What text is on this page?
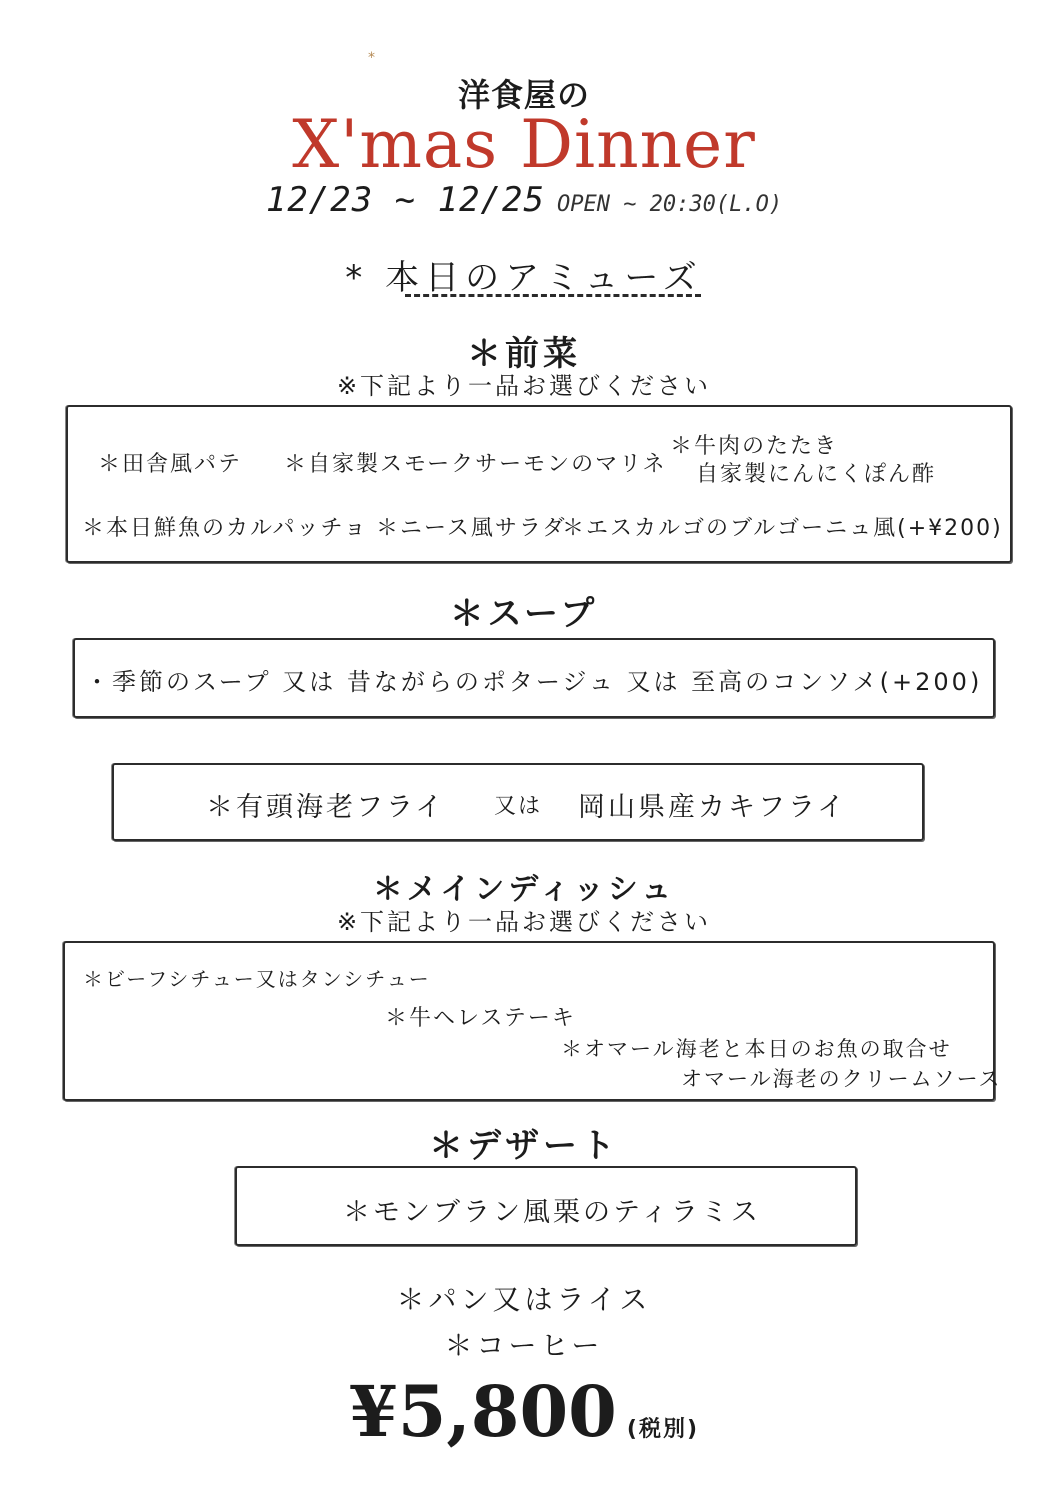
*
洋食屋の
X'mas Dinner
12/23 ~ 12/25 OPEN ~ 20:30(L.O)
* 本日のアミューズ
＊前菜
※下記より一品お選びください
＊田舎風パテ ＊自家製スモークサーモンのマリネ
＊牛肉のたたき
自家製にんにくぽん酢
＊本日鮮魚のカルパッチョ ＊ニース風サラダ
＊エスカルゴのブルゴーニュ風(+¥200)
＊スープ
・季節のスープ 又は 昔ながらのポタージュ 又は 至高のコンソメ(+200)
＊有頭海老フライ 又は 岡山県産カキフライ
＊メインディッシュ
※下記より一品お選びください
＊ビーフシチュー又はタンシチュー
＊牛ヘレステーキ
＊オマール海老と本日のお魚の取合せ
オマール海老のクリームソース
＊デザート
＊モンブラン風栗のティラミス
＊パン又はライス
＊コーヒー
¥5,800 (税別)
